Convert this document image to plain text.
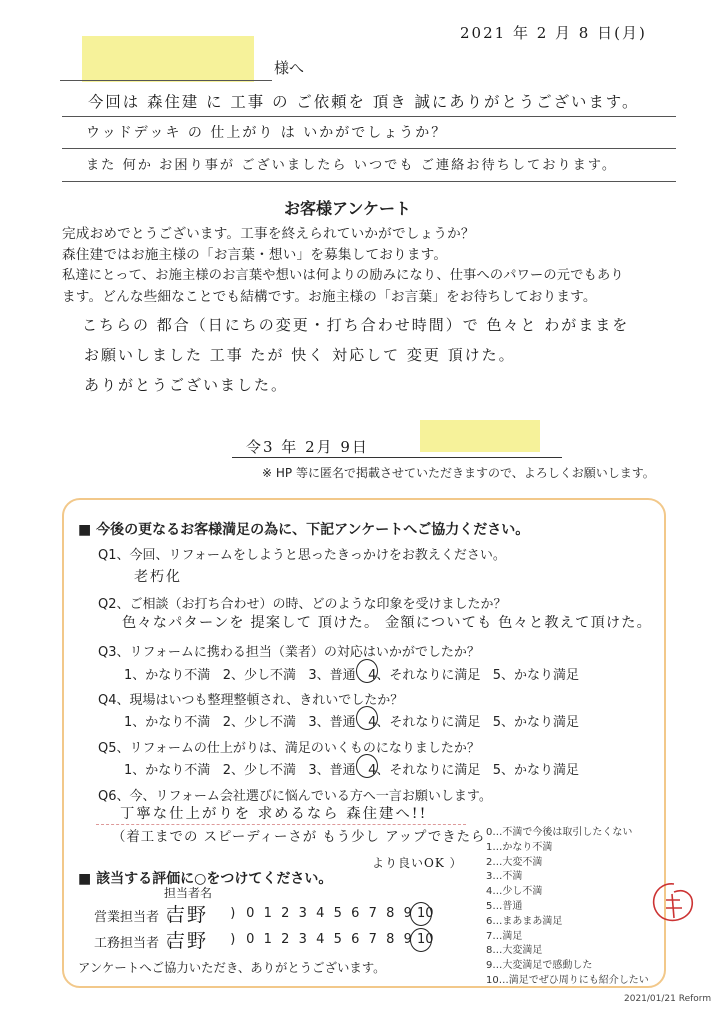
2021 年 2 月 8 日(月)
様へ
今回は 森住建 に 工事 の ご依頼を 頂き 誠にありがとうございます。
ウッドデッキ の 仕上がり は いかがでしょうか？
また 何か お困り事が ございましたら いつでも ご連絡お待ちしております。
お客様アンケート
完成おめでとうございます。工事を終えられていかがでしょうか？
森住建ではお施主様の「お言葉・想い」を募集しております。
私達にとって、お施主様のお言葉や想いは何よりの励みになり、仕事へのパワーの元でもあり
ます。どんな些細なことでも結構です。お施主様の「お言葉」をお待ちしております。
こちらの 都合（日にちの変更・打ち合わせ時間）で 色々と わがままを
お願いしました 工事 たが 快く 対応して 変更 頂けた。
ありがとうございました。
令3 年 2月 9日
※ HP 等に匿名で掲載させていただきますので、よろしくお願いします。
■ 今後の更なるお客様満足の為に、下記アンケートへご協力ください。
Q1、今回、リフォームをしようと思ったきっかけをお教えください。
老朽化
Q2、ご相談（お打ち合わせ）の時、どのような印象を受けましたか？
色々なパターンを 提案して 頂けた。 金額についても 色々と教えて頂けた。
Q3、リフォームに携わる担当（業者）の対応はいかがでしたか？
1、かなり不満 2、少し不満 3、普通 4、それなりに満足 5、かなり満足
Q4、現場はいつも整理整頓され、きれいでしたか？
1、かなり不満 2、少し不満 3、普通 4、それなりに満足 5、かなり満足
Q5、リフォームの仕上がりは、満足のいくものになりましたか？
1、かなり不満 2、少し不満 3、普通 4、それなりに満足 5、かなり満足
Q6、今、リフォーム会社選びに悩んでいる方へ一言お願いします。
丁寧な仕上がりを 求めるなら 森住建へ!!
（着工までの スピーディーさが もう少し アップできたら
より良いOK ）
0…不満で今後は取引したくない
1…かなり不満
2…大変不満
3…不満
4…少し不満
5…普通
6…まあまあ満足
7…満足
8…大変満足
9…大変満足で感動した
10…満足でぜひ周りにも紹介したい
■ 該当する評価に○をつけてください。
担当者名
営業担当者（
吉野	) 0 1 2 3 4 5 6 7 8 9 10
工務担当者（
吉野	) 0 1 2 3 4 5 6 7 8 9 10
アンケートへご協力いただき、ありがとうございます。
2021/01/21 Reform
